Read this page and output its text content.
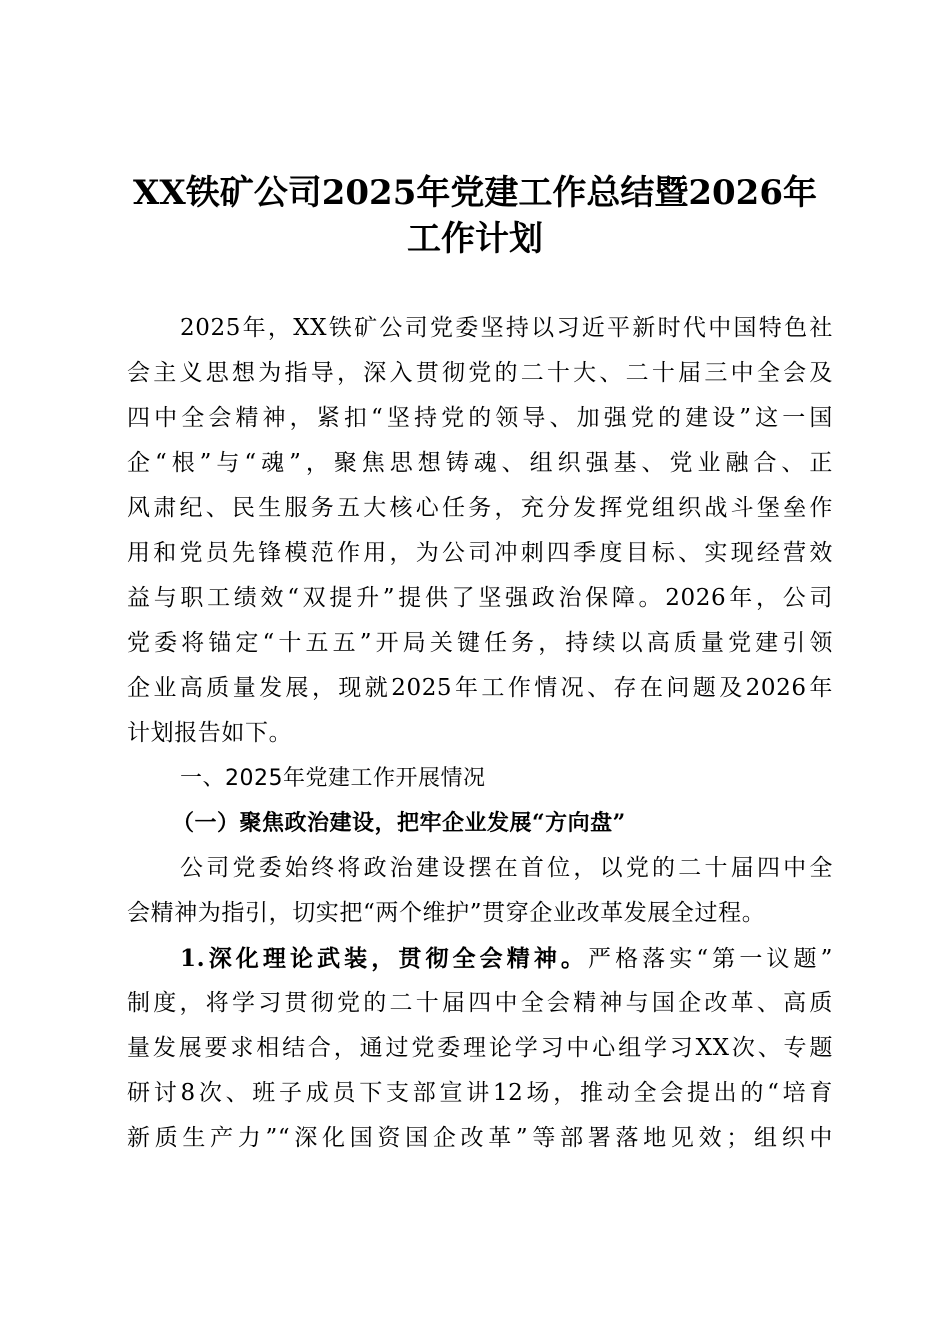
XX铁矿公司2025年党建工作总结暨2026年
工作计划
2025年，XX铁矿公司党委坚持以习近平新时代中国特色社
会主义思想为指导，深入贯彻党的二十大、二十届三中全会及
四中全会精神，紧扣“坚持党的领导、加强党的建设”这一国
企“根”与“魂”，聚焦思想铸魂、组织强基、党业融合、正
风肃纪、民生服务五大核心任务，充分发挥党组织战斗堡垒作
用和党员先锋模范作用，为公司冲刺四季度目标、实现经营效
益与职工绩效“双提升”提供了坚强政治保障。2026年，公司
党委将锚定“十五五”开局关键任务，持续以高质量党建引领
企业高质量发展，现就2025年工作情况、存在问题及2026年
计划报告如下。
一、2025年党建工作开展情况
（一）聚焦政治建设，把牢企业发展“方向盘”
公司党委始终将政治建设摆在首位，以党的二十届四中全
会精神为指引，切实把“两个维护”贯穿企业改革发展全过程。
1.深化理论武装，贯彻全会精神。严格落实“第一议题”
制度，将学习贯彻党的二十届四中全会精神与国企改革、高质
量发展要求相结合，通过党委理论学习中心组学习XX次、专题
研讨8次、班子成员下支部宣讲12场，推动全会提出的“培育
新质生产力”“深化国资国企改革”等部署落地见效；组织中
